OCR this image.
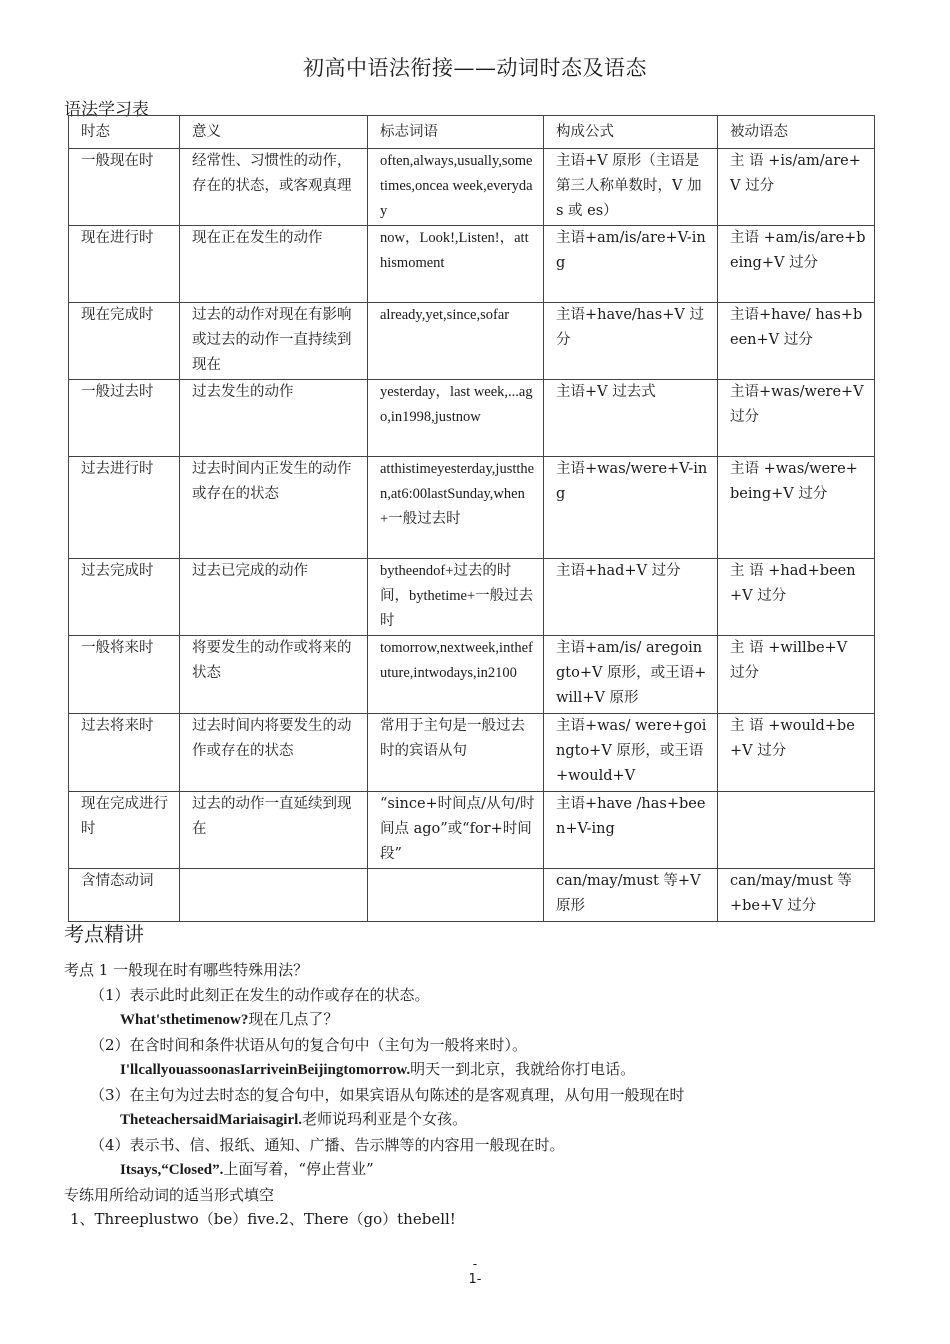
初高中语法衔接——动词时态及语态
语法学习表
时态	意义	标志词语	构成公式	被动语态
一般现在时	经常性、习惯性的动作，存在的状态，或客观真理	often,always,usually,sometimes,oncea week,everyday	主语+V 原形（主语是第三人称单数时，V 加 s 或 es）	主 语 +is/am/are+V 过分
现在进行时	现在正在发生的动作	now，Look!,Listen!，atthismoment	主语+am/is/are+V-ing	主语 +am/is/are+being+V 过分
现在完成时	过去的动作对现在有影响或过去的动作一直持续到现在	already,yet,since,sofar	主语+have/has+V 过分	主语+have/ has+been+V 过分
一般过去时	过去发生的动作	yesterday，last week,...ago,in1998,justnow	主语+V 过去式	主语+was/were+V 过分
过去进行时	过去时间内正发生的动作或存在的状态	atthistimeyesterday,justthen,at6:00lastSunday,when+一般过去时	主语+was/were+V-ing	主语 +was/were+being+V 过分
过去完成时	过去已完成的动作	bytheendof+过去的时间，bythetime+一般过去时	主语+had+V 过分	主 语 +had+been+V 过分
一般将来时	将要发生的动作或将来的状态	tomorrow,nextweek,inthefuture,intwodays,in2100	主语+am/is/ aregoingto+V 原形，或王语+will+V 原形	主 语 +willbe+V 过分
过去将来时	过去时间内将要发生的动作或存在的状态	常用于主句是一般过去时的宾语从句	主语+was/ were+goingto+V 原形，或王语+would+V	主 语 +would+be+V 过分
现在完成进行时	过去的动作一直延续到现在	“since+时间点/从句/时间点 ago”或“for+时间段”	主语+have /has+been+V-ing	
含情态动词			can/may/must 等+V 原形	can/may/must 等 +be+V 过分
考点精讲
考点 1 一般现在时有哪些特殊用法？
（1）表示此时此刻正在发生的动作或存在的状态。
What'sthetimenow?现在几点了？
（2）在含时间和条件状语从句的复合句中（主句为一般将来时）。
I'llcallyouassoonasIarriveinBeijingtomorrow.明天一到北京，我就给你打电话。
（3）在主句为过去时态的复合句中，如果宾语从句陈述的是客观真理，从句用一般现在时
TheteachersaidMariaisagirl.老师说玛利亚是个女孩。
（4）表示书、信、报纸、通知、广播、告示牌等的内容用一般现在时。
Itsays,“Closed”.上面写着，“停止营业”
专练用所给动词的适当形式填空
1、Threeplustwo（be）five.2、There（go）thebell!
-
1-
